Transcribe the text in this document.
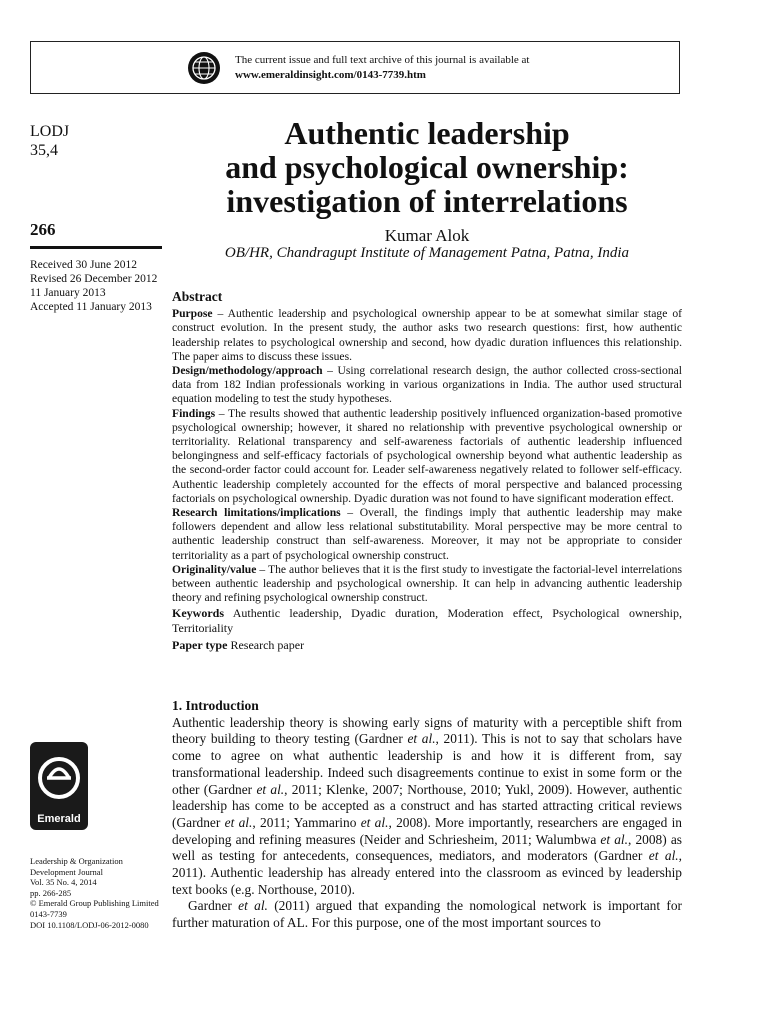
The current issue and full text archive of this journal is available at
www.emeraldinsight.com/0143-7739.htm
LODJ
35,4
266
Received 30 June 2012
Revised 26 December 2012
11 January 2013
Accepted 11 January 2013
Authentic leadership
and psychological ownership:
investigation of interrelations
Kumar Alok
OB/HR, Chandragupt Institute of Management Patna, Patna, India
Abstract

Purpose – Authentic leadership and psychological ownership appear to be at somewhat similar stage of construct evolution. In the present study, the author asks two research questions: first, how authentic leadership relates to psychological ownership and second, how dyadic duration influences this relationship. The paper aims to discuss these issues.

Design/methodology/approach – Using correlational research design, the author collected cross-sectional data from 182 Indian professionals working in various organizations in India. The author used structural equation modeling to test the study hypotheses.

Findings – The results showed that authentic leadership positively influenced organization-based promotive psychological ownership; however, it shared no relationship with preventive psychological ownership or territoriality. Relational transparency and self-awareness factorials of authentic leadership influenced belongingness and self-efficacy factorials of psychological ownership beyond what authentic leadership as the second-order factor could account for. Leader self-awareness negatively related to follower self-efficacy. Authentic leadership completely accounted for the effects of moral perspective and balanced processing factorials on psychological ownership. Dyadic duration was not found to have significant moderation effect.

Research limitations/implications – Overall, the findings imply that authentic leadership may make followers dependent and allow less relational substitutability. Moral perspective may be more central to authentic leadership construct than self-awareness. Moreover, it may not be appropriate to consider territoriality as a part of psychological ownership construct.

Originality/value – The author believes that it is the first study to investigate the factorial-level interrelations between authentic leadership and psychological ownership. It can help in advancing authentic leadership theory and refining psychological ownership construct.

Keywords Authentic leadership, Dyadic duration, Moderation effect, Psychological ownership, Territoriality

Paper type Research paper

1. Introduction

Authentic leadership theory is showing early signs of maturity with a perceptible shift from theory building to theory testing (Gardner et al., 2011). This is not to say that scholars have come to agree on what authentic leadership is and how it is different from, say transformational leadership. Indeed such disagreements continue to exist in some form or the other (Gardner et al., 2011; Klenke, 2007; Northouse, 2010; Yukl, 2009). However, authentic leadership has come to be accepted as a construct and has started attracting critical reviews (Gardner et al., 2011; Yammarino et al., 2008). More importantly, researchers are engaged in developing and refining measures (Neider and Schriesheim, 2011; Walumbwa et al., 2008) as well as testing for antecedents, consequences, mediators, and moderators (Gardner et al., 2011). Authentic leadership has already entered into the classroom as evinced by leadership text books (e.g. Northouse, 2010).

Gardner et al. (2011) argued that expanding the nomological network is important for further maturation of AL. For this purpose, one of the most important sources to

Emerald
Leadership & Organization
Development Journal
Vol. 35 No. 4, 2014
pp. 266-285
© Emerald Group Publishing Limited
0143-7739
DOI 10.1108/LODJ-06-2012-0080
